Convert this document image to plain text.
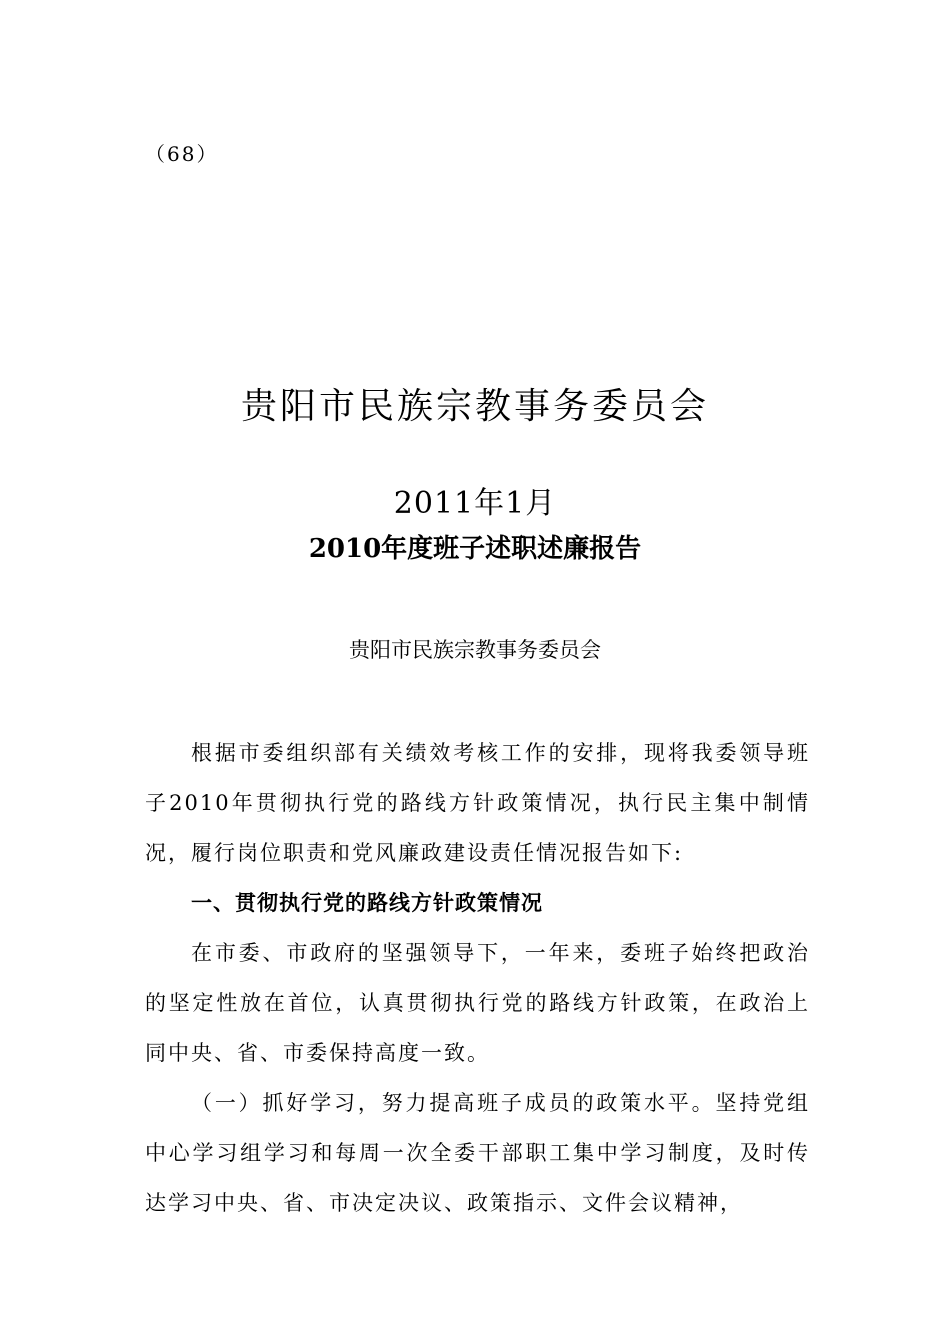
（68）
贵阳市民族宗教事务委员会
2011年1月
2010年度班子述职述廉报告
贵阳市民族宗教事务委员会

根据市委组织部有关绩效考核工作的安排，现将我委领导班子2010年贯彻执行党的路线方针政策情况，执行民主集中制情况，履行岗位职责和党风廉政建设责任情况报告如下:

一、贯彻执行党的路线方针政策情况

在市委、市政府的坚强领导下，一年来，委班子始终把政治的坚定性放在首位，认真贯彻执行党的路线方针政策，在政治上同中央、省、市委保持高度一致。

（一）抓好学习，努力提高班子成员的政策水平。坚持党组中心学习组学习和每周一次全委干部职工集中学习制度，及时传达学习中央、省、市决定决议、政策指示、文件会议精神，
